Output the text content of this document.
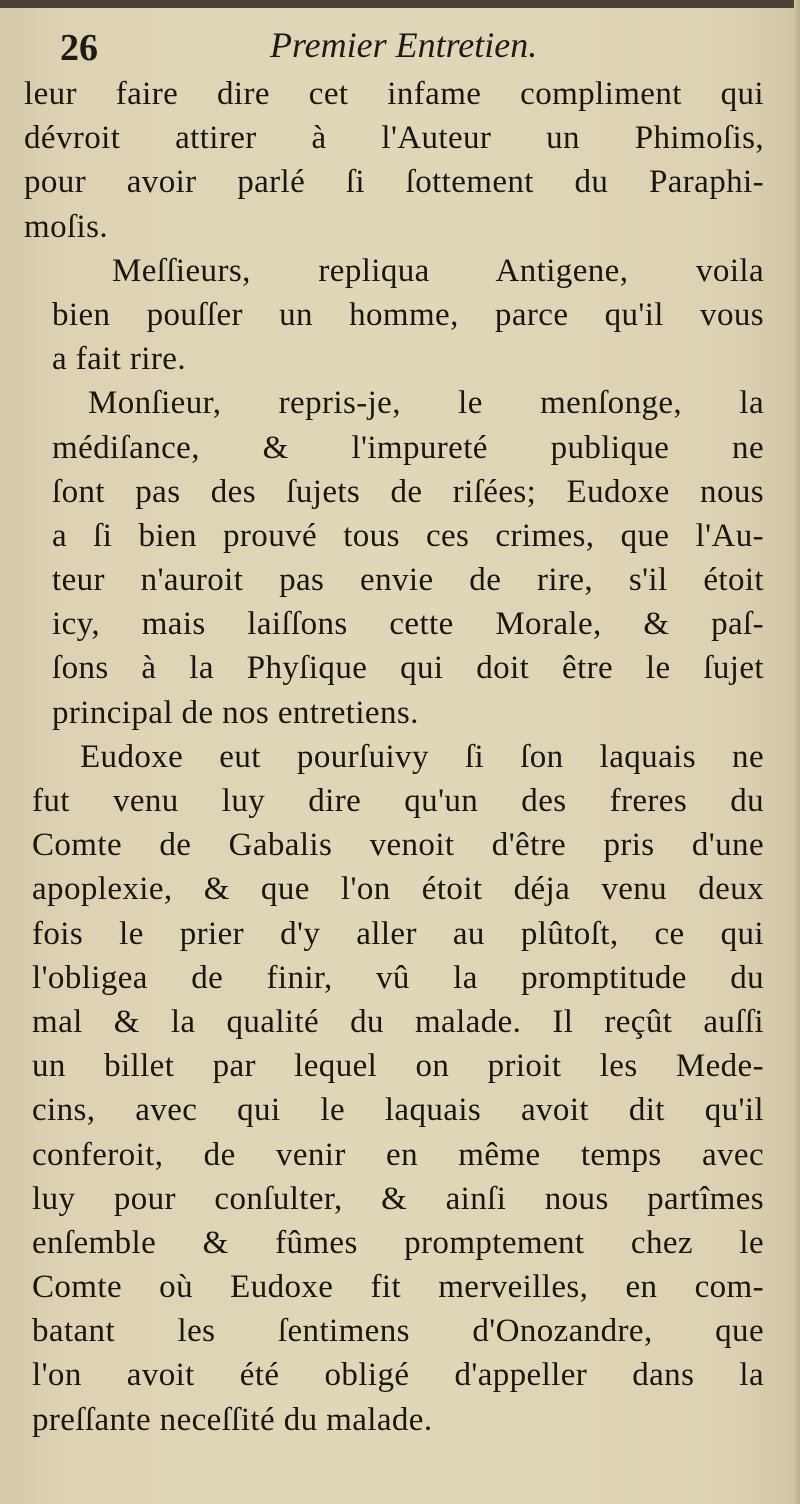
26	Premier Entretien.
leur faire dire cet infame compliment qui
dévroit attirer à l'Auteur un Phimoſis,
pour avoir parlé ſi ſottement du Paraphi-
moſis.
Meſſieurs, repliqua Antigene, voila
bien pouſſer un homme, parce qu'il vous
a fait rire.
Monſieur, repris-je, le menſonge, la
médiſance, & l'impureté publique ne
ſont pas des ſujets de riſées; Eudoxe nous
a ſi bien prouvé tous ces crimes, que l'Au-
teur n'auroit pas envie de rire, s'il étoit
icy, mais laiſſons cette Morale, & paſ-
ſons à la Phyſique qui doit être le ſujet
principal de nos entretiens.
Eudoxe eut pourſuivy ſi ſon laquais ne
fut venu luy dire qu'un des freres du
Comte de Gabalis venoit d'être pris d'une
apoplexie, & que l'on étoit déja venu deux
fois le prier d'y aller au plûtoſt, ce qui
l'obligea de finir, vû la promptitude du
mal & la qualité du malade. Il reçût auſſi
un billet par lequel on prioit les Mede-
cins, avec qui le laquais avoit dit qu'il
conferoit, de venir en même temps avec
luy pour conſulter, & ainſi nous partîmes
enſemble & fûmes promptement chez le
Comte où Eudoxe fit merveilles, en com-
batant les ſentimens d'Onozandre, que
l'on avoit été obligé d'appeller dans la
preſſante neceſſité du malade.
